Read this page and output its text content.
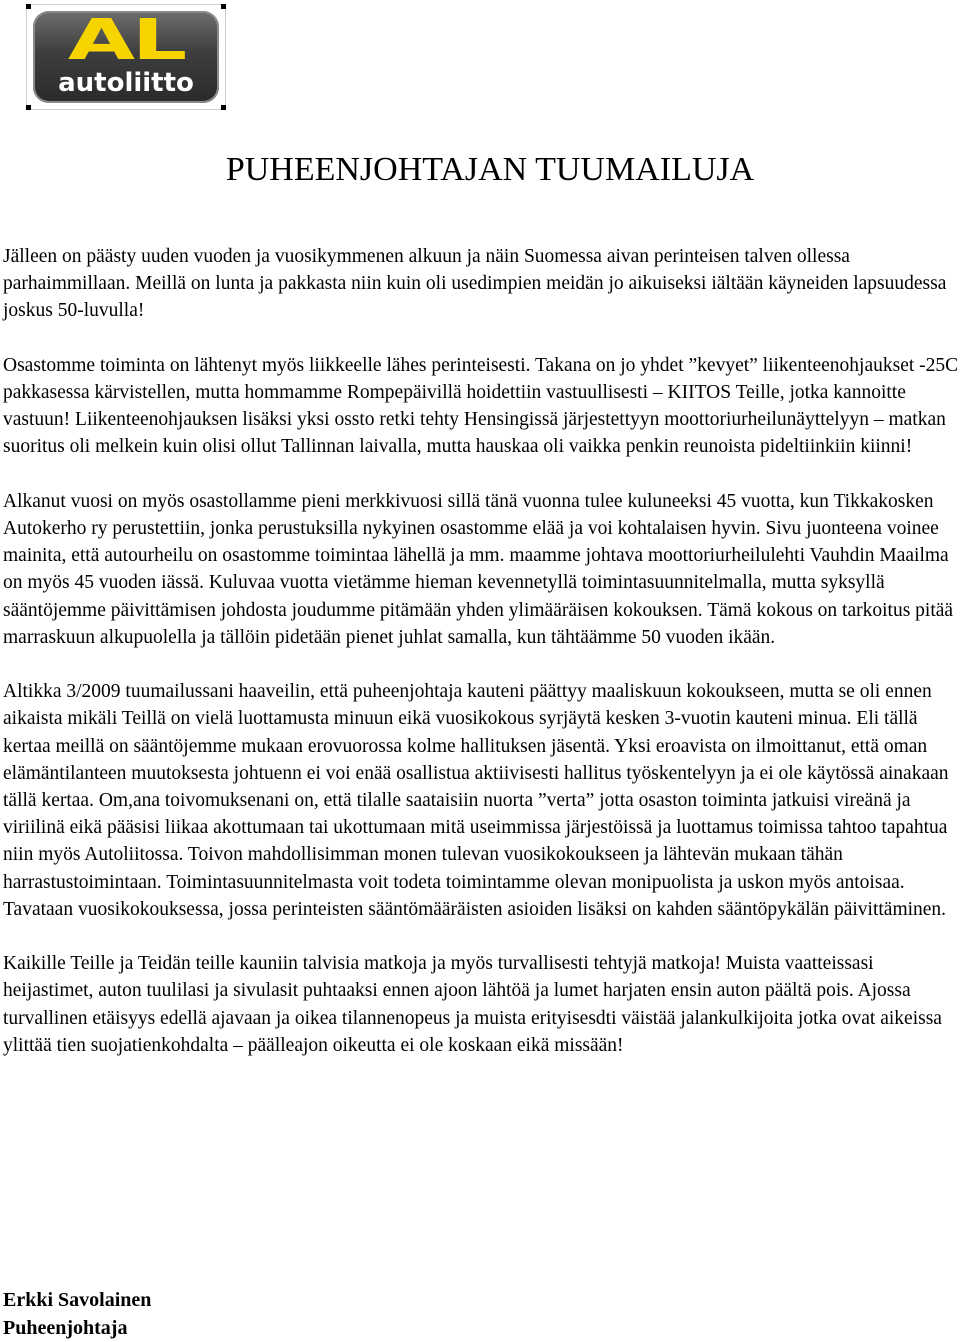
AL
autoliitto
PUHEENJOHTAJAN TUUMAILUJA

Jälleen on päästy uuden vuoden ja vuosikymmenen alkuun ja näin Suomessa aivan perinteisen talven ollessa parhaimmillaan. Meillä on lunta ja pakkasta niin kuin oli usedimpien meidän jo aikuiseksi iältään käyneiden lapsuudessa joskus 50-luvulla!

Osastomme toiminta on lähtenyt myös liikkeelle lähes perinteisesti. Takana on jo yhdet ”kevyet” liikenteenohjaukset -25C pakkasessa kärvistellen, mutta hommamme Rompepäivillä hoidettiin vastuullisesti – KIITOS Teille, jotka kannoitte vastuun! Liikenteenohjauksen lisäksi yksi ossto retki tehty Hensingissä järjestettyyn moottoriurheilunäyttelyyn – matkan suoritus oli melkein kuin olisi ollut Tallinnan laivalla, mutta hauskaa oli vaikka penkin reunoista pideltiinkiin kiinni!

Alkanut vuosi on myös osastollamme pieni merkkivuosi sillä tänä vuonna tulee kuluneeksi 45 vuotta, kun Tikkakosken Autokerho ry perustettiin, jonka perustuksilla nykyinen osastomme elää ja voi kohtalaisen hyvin. Sivu juonteena voinee mainita, että autourheilu on osastomme toimintaa lähellä ja mm. maamme johtava moottoriurheilulehti Vauhdin Maailma on myös 45 vuoden iässä. Kuluvaa vuotta vietämme hieman kevennetyllä toimintasuunnitelmalla, mutta syksyllä sääntöjemme päivittämisen johdosta joudumme pitämään yhden ylimääräisen kokouksen. Tämä kokous on tarkoitus pitää marraskuun alkupuolella ja tällöin pidetään pienet juhlat samalla, kun tähtäämme 50 vuoden ikään.

Altikka 3/2009 tuumailussani haaveilin, että puheenjohtaja kauteni päättyy maaliskuun kokoukseen, mutta se oli ennen aikaista mikäli Teillä on vielä luottamusta minuun eikä vuosikokous syrjäytä kesken 3-vuotin kauteni minua. Eli tällä kertaa meillä on sääntöjemme mukaan erovuorossa kolme hallituksen jäsentä. Yksi eroavista on ilmoittanut, että oman elämäntilanteen muutoksesta johtuenn ei voi enää osallistua aktiivisesti hallitus työskentelyyn ja ei ole käytössä ainakaan tällä kertaa. Om,ana toivomuksenani on, että tilalle saataisiin nuorta ”verta” jotta osaston toiminta jatkuisi vireänä ja viriilinä eikä pääsisi liikaa akottumaan tai ukottumaan mitä useimmissa järjestöissä ja luottamus toimissa tahtoo tapahtua niin myös Autoliitossa. Toivon mahdollisimman monen tulevan vuosikokoukseen ja lähtevän mukaan tähän harrastustoimintaan. Toimintasuunnitelmasta voit todeta toimintamme olevan monipuolista ja uskon myös antoisaa. Tavataan vuosikokouksessa, jossa perinteisten sääntömääräisten asioiden lisäksi on kahden sääntöpykälän päivittäminen.

Kaikille Teille ja Teidän teille kauniin talvisia matkoja ja myös turvallisesti tehtyjä matkoja! Muista vaatteissasi heijastimet, auton tuulilasi ja sivulasit puhtaaksi ennen ajoon lähtöä ja lumet harjaten ensin auton päältä pois. Ajossa turvallinen etäisyys edellä ajavaan ja oikea tilannenopeus ja muista erityisesdti väistää jalankulkijoita jotka ovat aikeissa ylittää tien suojatienkohdalta – päälleajon oikeutta ei ole koskaan eikä missään!

Erkki Savolainen
Puheenjohtaja
